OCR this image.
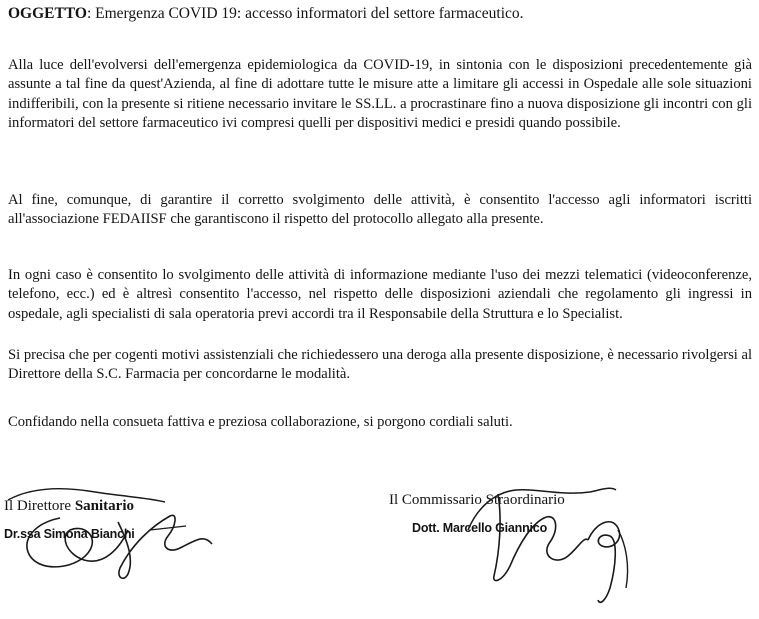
OGGETTO: Emergenza COVID 19: accesso informatori del settore farmaceutico.

Alla luce dell'evolversi dell'emergenza epidemiologica da COVID-19, in sintonia con le disposizioni precedentemente già assunte a tal fine da quest'Azienda, al fine di adottare tutte le misure atte a limitare gli accessi in Ospedale alle sole situazioni indifferibili, con la presente si ritiene necessario invitare le SS.LL. a procrastinare fino a nuova disposizione gli incontri con gli informatori del settore farmaceutico ivi compresi quelli per dispositivi medici e presidi quando possibile.

Al fine, comunque, di garantire il corretto svolgimento delle attività, è consentito l'accesso agli informatori iscritti all'associazione FEDAIISF che garantiscono il rispetto del protocollo allegato alla presente.

In ogni caso è consentito lo svolgimento delle attività di informazione mediante l'uso dei mezzi telematici (videoconferenze, telefono, ecc.) ed è altresì consentito l'accesso, nel rispetto delle disposizioni aziendali che regolamento gli ingressi in ospedale, agli specialisti di sala operatoria previ accordi tra il Responsabile della Struttura e lo Specialist.

Si precisa che per cogenti motivi assistenziali che richiedessero una deroga alla presente disposizione, è necessario rivolgersi al Direttore della S.C. Farmacia per concordarne le modalità.

Confidando nella consueta fattiva e preziosa collaborazione, si porgono cordiali saluti.

Il Direttore Sanitario
Dr.ssa Simona Bianchi
Il Commissario Straordinario
Dott. Marcello Giannico
